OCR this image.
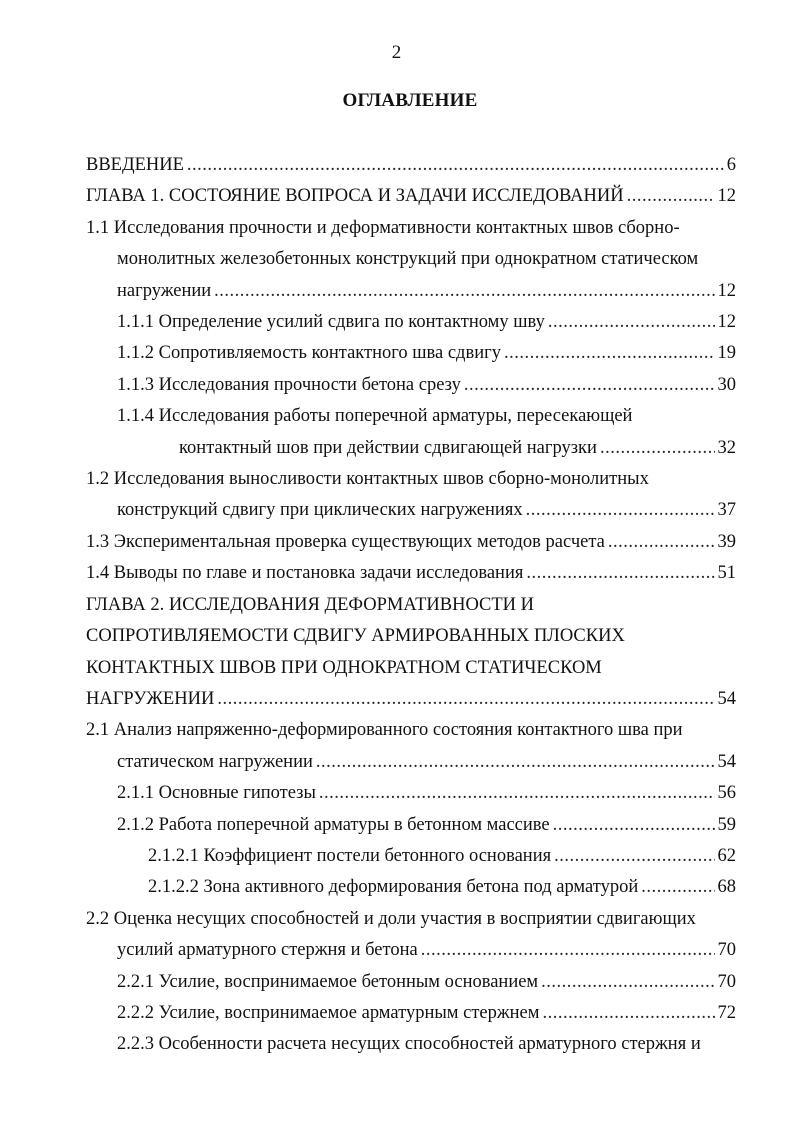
2
ОГЛАВЛЕНИЕ
ВВЕДЕНИЕ .....	6
ГЛАВА 1. СОСТОЯНИЕ ВОПРОСА И ЗАДАЧИ ИССЛЕДОВАНИЙ .....	12
1.1 Исследования прочности и деформативности контактных швов сборно-
монолитных железобетонных конструкций при однократном статическом
нагружении .....	12
1.1.1 Определение усилий сдвига по контактному шву .....	12
1.1.2 Сопротивляемость контактного шва сдвигу .....	19
1.1.3 Исследования прочности бетона срезу .....	30
1.1.4 Исследования работы поперечной арматуры, пересекающей
контактный шов при действии сдвигающей нагрузки .....	32
1.2 Исследования выносливости контактных швов сборно-монолитных
конструкций сдвигу при циклических нагружениях .....	37
1.3 Экспериментальная проверка существующих методов расчета .....	39
1.4 Выводы по главе и постановка задачи исследования .....	51
ГЛАВА 2. ИССЛЕДОВАНИЯ ДЕФОРМАТИВНОСТИ И
СОПРОТИВЛЯЕМОСТИ СДВИГУ АРМИРОВАННЫХ ПЛОСКИХ
КОНТАКТНЫХ ШВОВ ПРИ ОДНОКРАТНОМ СТАТИЧЕСКОМ
НАГРУЖЕНИИ .....	54
2.1 Анализ напряженно-деформированного состояния контактного шва при
статическом нагружении .....	54
2.1.1 Основные гипотезы .....	56
2.1.2 Работа поперечной арматуры в бетонном массиве .....	59
2.1.2.1 Коэффициент постели бетонного основания .....	62
2.1.2.2 Зона активного деформирования бетона под арматурой .....	68
2.2 Оценка несущих способностей и доли участия в восприятии сдвигающих
усилий арматурного стержня и бетона .....	70
2.2.1 Усилие, воспринимаемое бетонным основанием .....	70
2.2.2 Усилие, воспринимаемое арматурным стержнем .....	72
2.2.3 Особенности расчета несущих способностей арматурного стержня и
